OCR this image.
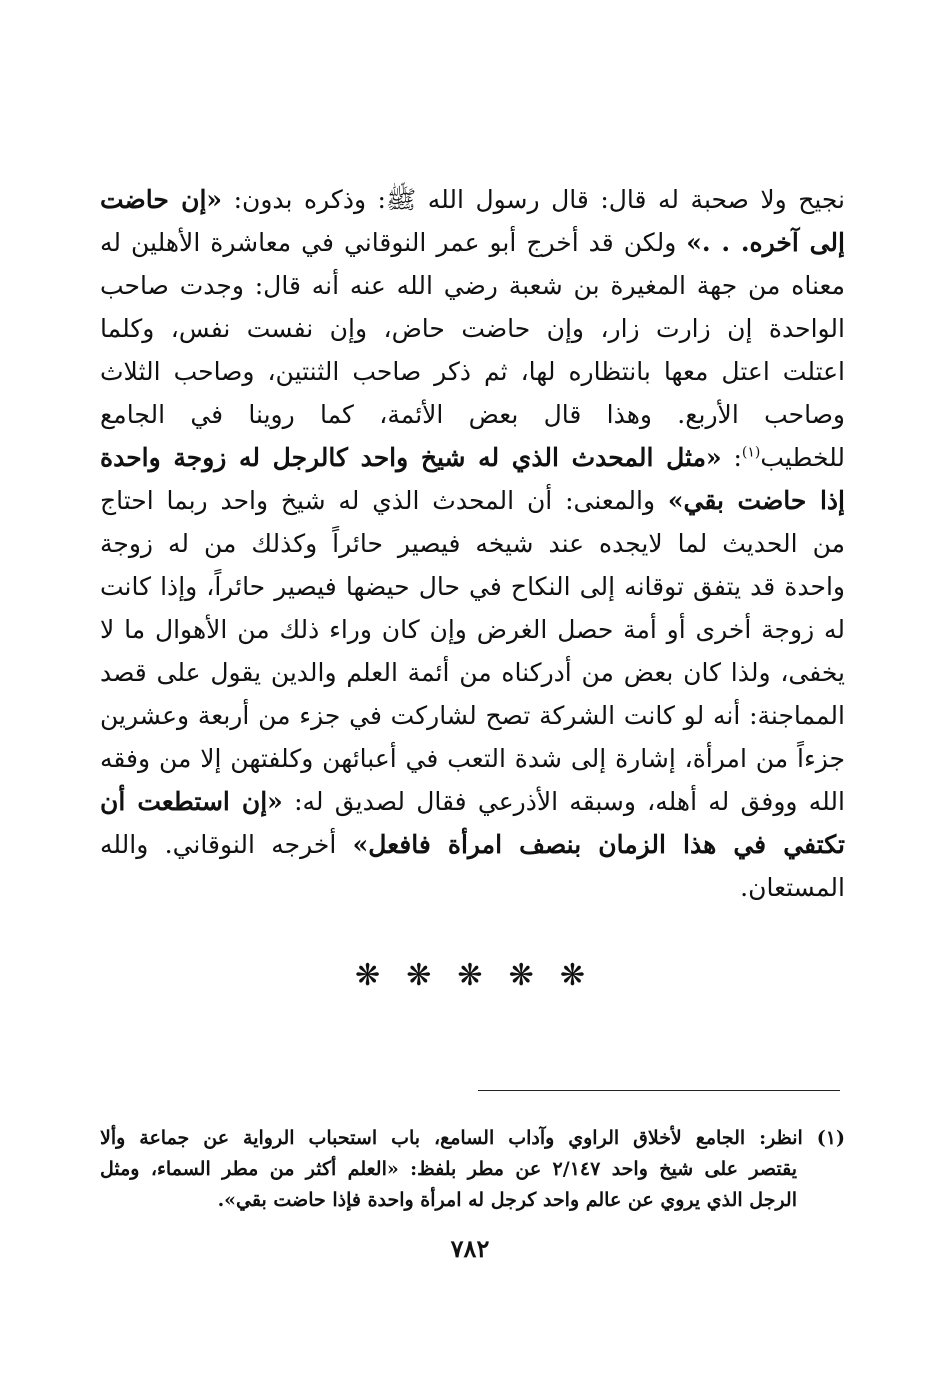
نجيح ولا صحبة له قال: قال رسول الله ﷺ: وذكره بدون: «إن حاضت
إلى آخره. . .» ولكن قد أخرج أبو عمر النوقاني في معاشرة الأهلين له
معناه من جهة المغيرة بن شعبة رضي الله عنه أنه قال: وجدت صاحب
الواحدة إن زارت زار، وإن حاضت حاض، وإن نفست نفس، وكلما
اعتلت اعتل معها بانتظاره لها، ثم ذكر صاحب الثنتين، وصاحب الثلاث
وصاحب الأربع. وهذا قال بعض الأئمة، كما روينا في الجامع
للخطيب$^{(١)}$: «مثل المحدث الذي له شيخ واحد كالرجل له زوجة واحدة
إذا حاضت بقي» والمعنى: أن المحدث الذي له شيخ واحد ربما احتاج
من الحديث لما لايجده عند شيخه فيصير حائراً وكذلك من له زوجة
واحدة قد يتفق توقانه إلى النكاح في حال حيضها فيصير حائراً، وإذا كانت
له زوجة أخرى أو أمة حصل الغرض وإن كان وراء ذلك من الأهوال ما لا
يخفى، ولذا كان بعض من أدركناه من أئمة العلم والدين يقول على قصد
المماجنة: أنه لو كانت الشركة تصح لشاركت في جزء من أربعة وعشرين
جزءاً من امرأة، إشارة إلى شدة التعب في أعبائهن وكلفتهن إلا من وفقه
الله ووفق له أهله، وسبقه الأذرعي فقال لصديق له: «إن استطعت أن
تكتفي في هذا الزمان بنصف امرأة فافعل» أخرجه النوقاني. والله
المستعان.
❋ ❋ ❋ ❋ ❋
(١)انظر: الجامع لأخلاق الراوي وآداب السامع، باب استحباب الرواية عن جماعة وألا
يقتصر على شيخ واحد ٢/١٤٧ عن مطر بلفظ: «العلم أكثر من مطر السماء، ومثل
الرجل الذي يروي عن عالم واحد كرجل له امرأة واحدة فإذا حاضت بقي».
٧٨٢
